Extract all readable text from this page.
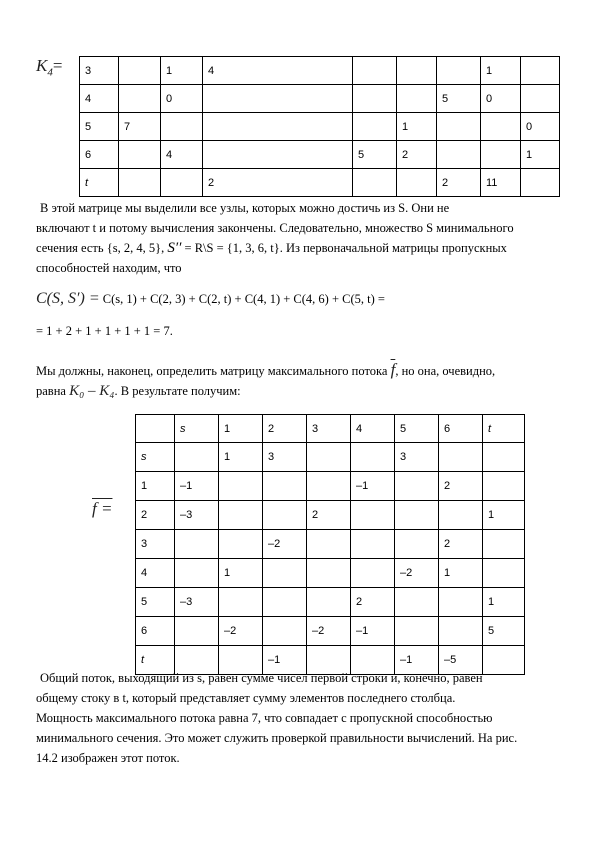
$K_4= 3$		1	4				1	
4		0				5	0	
5	7				1			0
6		4		5	2			1
t			2			2	11	
В этой матрице мы выделили все узлы, которых можно достичь из S. Они не
включают t и потому вычисления закончены. Следовательно, множество S минимального
сечения есть {s, 2, 4, 5}, S′′ = R\S = {1, 3, 6, t}. Из первоначальной матрицы пропускных
способностей находим, что
C(S, S′) = C(s, 1) + C(2, 3) + C(2, t) + C(4, 1) + C(4, 6) + C(5, t) =
= 1 + 2 + 1 + 1 + 1 + 1 = 7.
Мы должны, наконец, определить матрицу максимального потока $\overline{f}$, но она, очевидно,
равна K₀ – K₄. В результате получим:
f =
	s	1	2	3	4	5	6	t
s		1	3			3		
1	–1				–1		2	
2	–3			2				1
3			–2				2	
4		1				–2	1	
5	–3				2			1
6		–2		–2	–1			5
t			–1			–1	–5	
Общий поток, выходящий из s, равен сумме чисел первой строки и, конечно, равен
общему стоку в t, который представляет сумму элементов последнего столбца.
Мощность максимального потока равна 7, что совпадает с пропускной способностью
минимального сечения. Это может служить проверкой правильности вычислений. На рис.
14.2 изображен этот поток.
